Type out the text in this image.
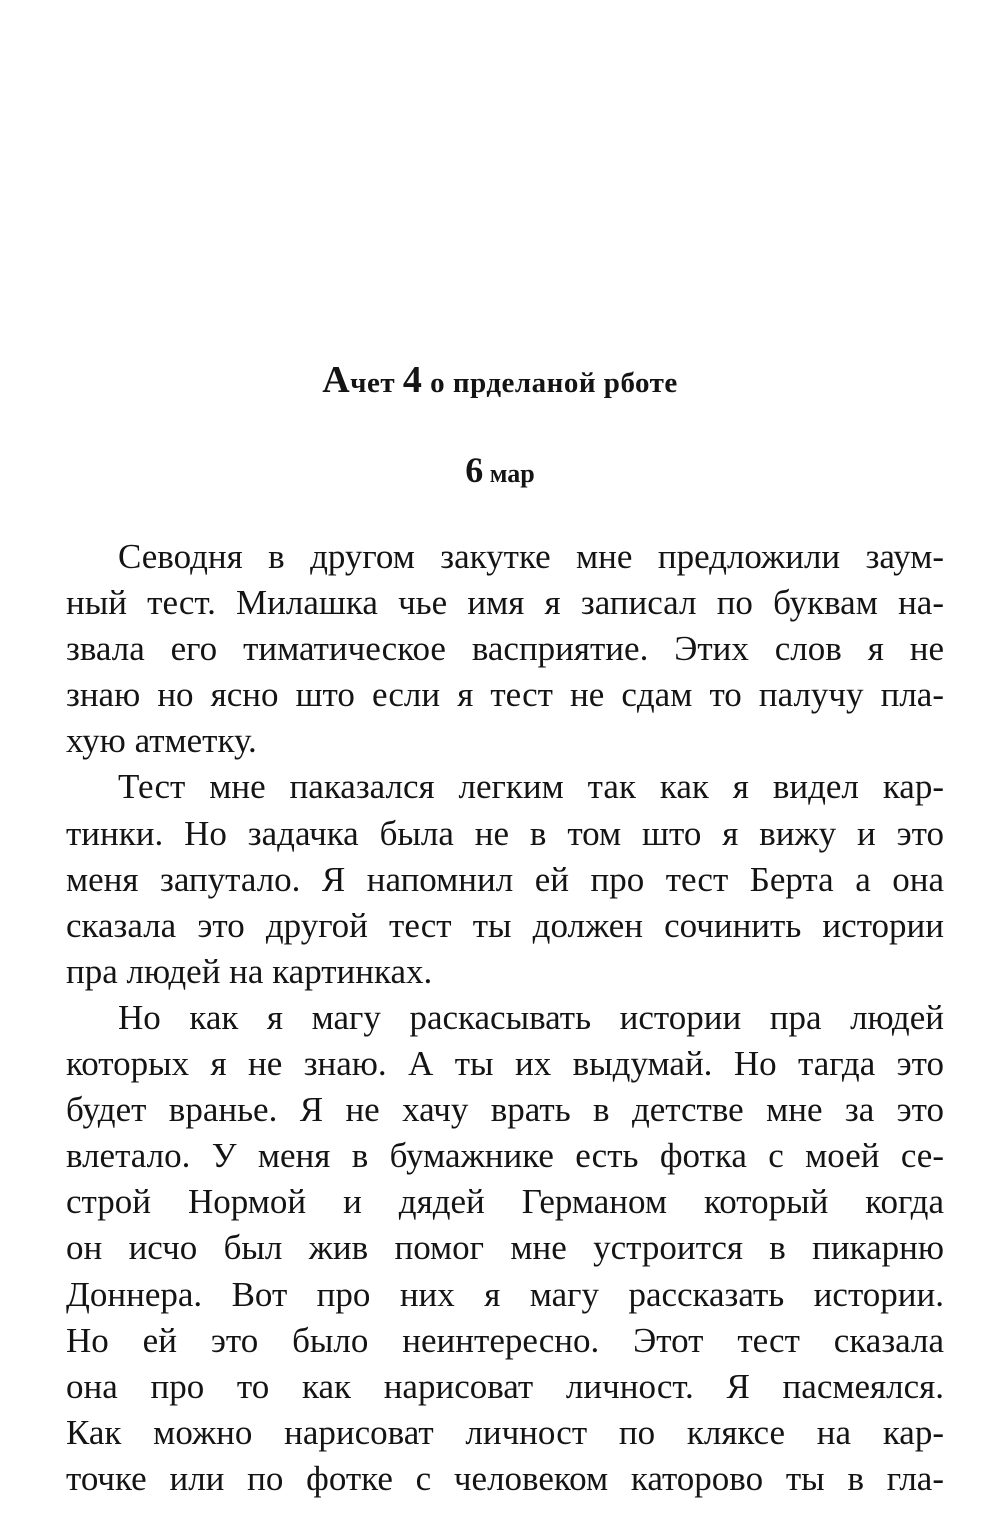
Ачет 4 о прделаной рботе
6 мар
Севодня в другом закутке мне предложили заум-
ный тест. Милашка чье имя я записал по буквам на-
звала его тиматическое васприятие. Этих слов я не
знаю но ясно што если я тест не сдам то палучу пла-
хую атметку.
Тест мне паказался легким так как я видел кар-
тинки. Но задачка была не в том што я вижу и это
меня запутало. Я напомнил ей про тест Берта а она
сказала это другой тест ты должен сочинить истории
пра людей на картинках.
Но как я магу раскасывать истории пра людей
которых я не знаю. А ты их выдумай. Но тагда это
будет вранье. Я не хачу врать в детстве мне за это
влетало. У меня в бумажнике есть фотка с моей се-
строй Нормой и дядей Германом который когда
он исчо был жив помог мне устроится в пикарню
Доннера. Вот про них я магу рассказать истории.
Но ей это было неинтересно. Этот тест сказала
она про то как нарисоват личност. Я пасмеялся.
Как можно нарисоват личност по кляксе на кар-
точке или по фотке с человеком каторово ты в гла-
